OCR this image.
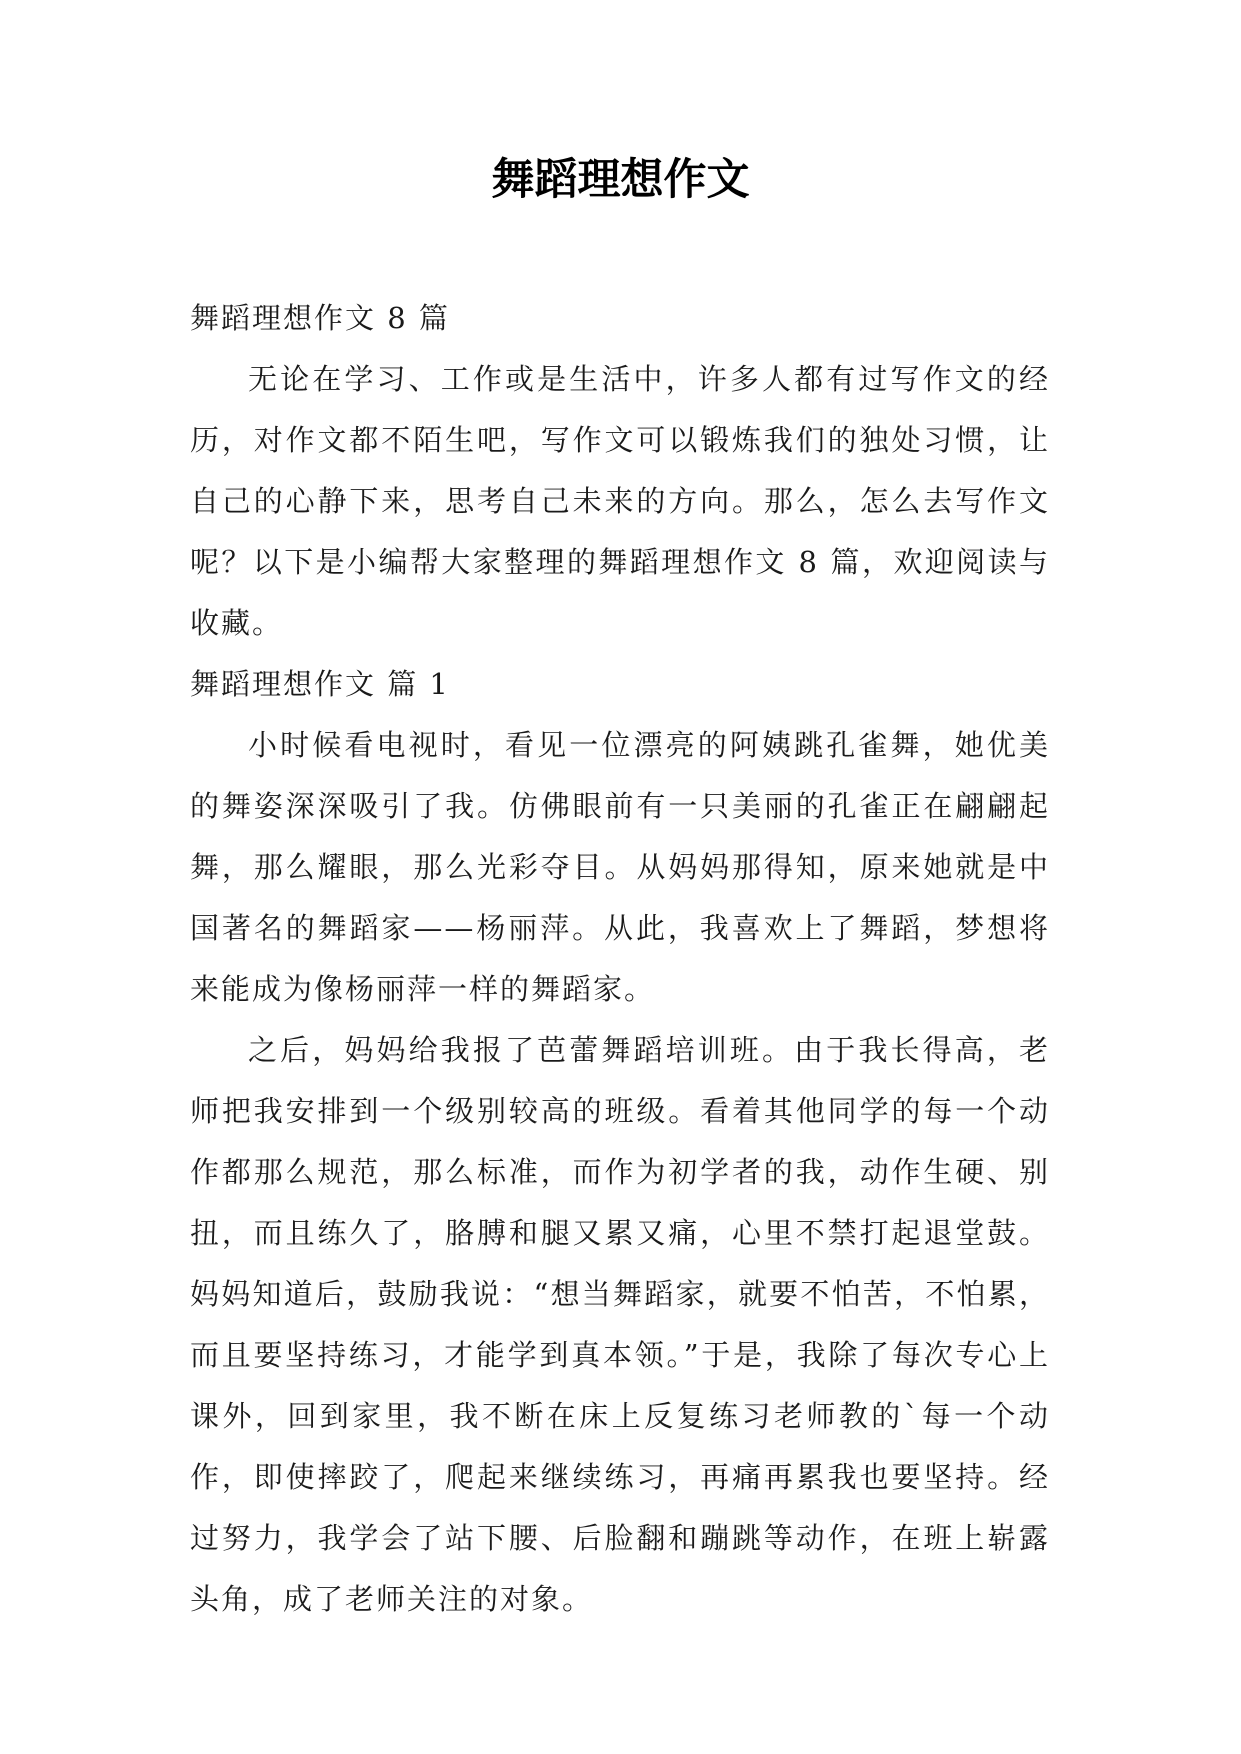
舞蹈理想作文

舞蹈理想作文 8 篇

无论在学习、工作或是生活中，许多人都有过写作文的经历，对作文都不陌生吧，写作文可以锻炼我们的独处习惯，让自己的心静下来，思考自己未来的方向。那么，怎么去写作文呢？以下是小编帮大家整理的舞蹈理想作文 8 篇，欢迎阅读与收藏。

舞蹈理想作文 篇 1

小时候看电视时，看见一位漂亮的阿姨跳孔雀舞，她优美的舞姿深深吸引了我。仿佛眼前有一只美丽的孔雀正在翩翩起舞，那么耀眼，那么光彩夺目。从妈妈那得知，原来她就是中国著名的舞蹈家——杨丽萍。从此，我喜欢上了舞蹈，梦想将来能成为像杨丽萍一样的舞蹈家。

之后，妈妈给我报了芭蕾舞蹈培训班。由于我长得高，老师把我安排到一个级别较高的班级。看着其他同学的每一个动作都那么规范，那么标准，而作为初学者的我，动作生硬、别扭，而且练久了，胳膊和腿又累又痛，心里不禁打起退堂鼓。妈妈知道后，鼓励我说：“想当舞蹈家，就要不怕苦，不怕累，而且要坚持练习，才能学到真本领。”于是，我除了每次专心上课外，回到家里，我不断在床上反复练习老师教的`每一个动作，即使摔跤了，爬起来继续练习，再痛再累我也要坚持。经过努力，我学会了站下腰、后脸翻和蹦跳等动作，在班上崭露头角，成了老师关注的对象。
